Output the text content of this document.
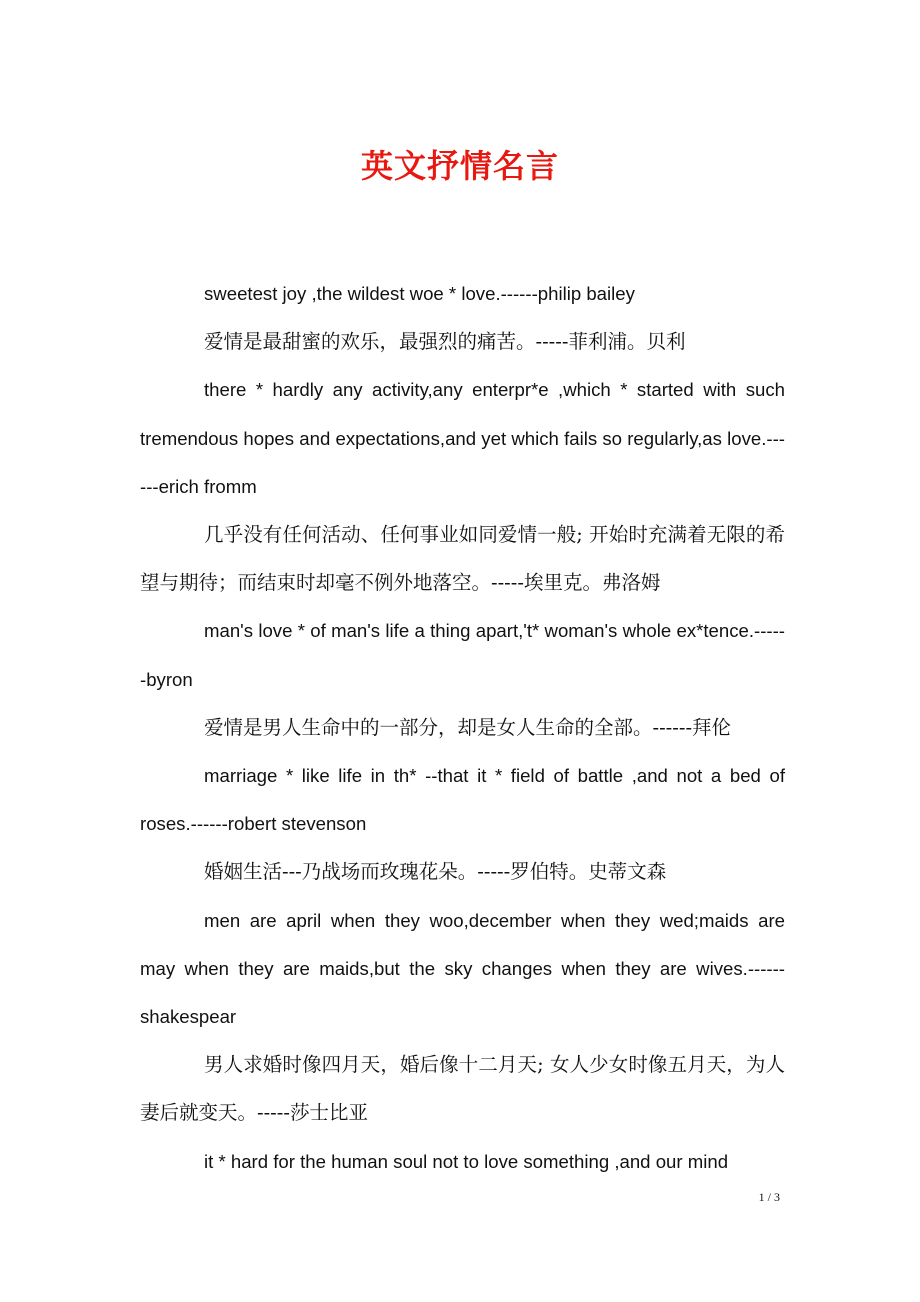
英文抒情名言

sweetest joy ,the wildest woe * love.------philip bailey

爱情是最甜蜜的欢乐，最强烈的痛苦。-----菲利浦。贝利

there * hardly any activity,any enterpr*e ,which * started with such tremendous hopes and expectations,and yet which fails so regularly,as love.------erich fromm

几乎没有任何活动、任何事业如同爱情一般; 开始时充满着无限的希望与期待；而结束时却毫不例外地落空。-----埃里克。弗洛姆

man's love * of man's life a thing apart,'t* woman's whole ex*tence.------byron

爱情是男人生命中的一部分，却是女人生命的全部。------拜伦

marriage * like life in th* --that it * field of battle ,and not a bed of roses.------robert stevenson

婚姻生活---乃战场而玫瑰花朵。-----罗伯特。史蒂文森

men are april when they woo,december when they wed;maids are may when they are maids,but the sky changes when they are wives.------shakespear

男人求婚时像四月天，婚后像十二月天; 女人少女时像五月天，为人妻后就变天。-----莎士比亚

it * hard for the human soul not to love something ,and our mind

1 / 3
